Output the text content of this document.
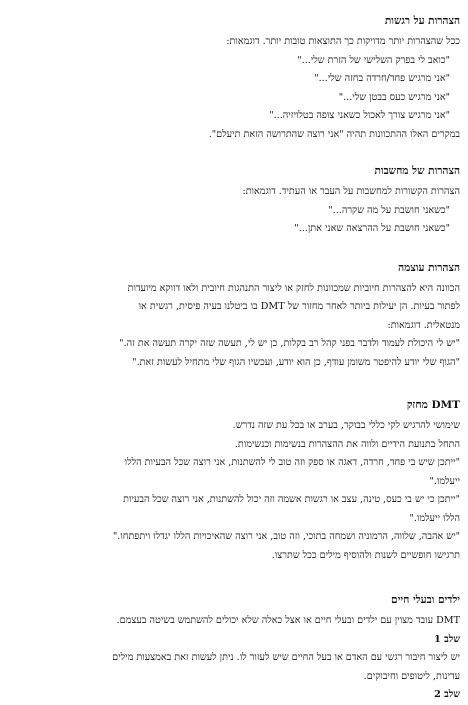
הצהרות על רגשות

ככל שהצהרות יותר מדויקות כך התוצאות טובות יותר. דוגמאות:

"כואב לי בפרק השלישי של הזרת שלי..."

"אני מרגיש פחד/חרדה בחזה שלי..."

"אני מרגיש כעס בבטן שלי..."

"אני מרגיש צורך לאכול כשאני צופה בטלויזיה..."

במקרים האלו ההתכוונות תהיה "אני רוצה שהתרושה הזאת תיעלם".

הצהרות של מחשבות

הצהרות הקשורות למחשבות על העבר או העתיד. דוגמאות:

"כשאני חושבת על מה שקרה..."

"כשאני חושבת על ההרצאה שאני אתן..."

הצהרות עוצמה

הכוונה היא להצהרות חיוביות שמכוונות לחזק או ליצור התנהגות חיובית ולאו דווקא מיועדות

לפתור בעיות. הן יעילות ביותר לאחר מחזור של DMT בו ביטלנו בעיה פיסית, רגשית או

מנטאלית. דוגמאות:

"יש לי היכולת לעמוד ולדבר בפני קהל רב בקלות, כן יש לי, תעשה שזה יקרה תעשה את זה."

"הגוף שלי יודע להיפטר משומן עודף, כן הוא יודע, ועכשיו הגוף שלי מתחיל לעשות זאת."

DMT מחזק

שימושי להרגיש לקי כללי בבוקר, בערב או בכל עת שזה נדרש.

התחל בתנועת הידיים ולווה את ההצהרות בנשימות וכנשימות.

"ייתכן שיש בי פחד, חרדה, דאגה או ספק וזה טוב לי להשתנות, אני רוצה שכל הבעיות הללו

ייעלמו."

"ייתכן כי יש בי כעס, טינה, עצב או רגשות אשמה וזה יכול להשתנות, אני רוצה שכל הבעיות

הללו ייעלמו."

"יש אהבה, שלווה, הרמוניה ושמחה בתוכי, וזה טוב, אני רוצה שהאיכויות הללו יגדלו ויתפתחו."

תרגישו חופשיים לשנות ולהוסיף מילים ככל שתרצו.

ילדים ובעלי חיים

DMT עובד מצוין עם ילדים ובעלי חיים או אצל כאלה שלא יכולים להשתמש בשיטה בעצמם.

שלב 1

יש ליצור חיבור רגשי עם האדם או בעל החיים שיש לעזור לו. ניתן לעשות זאת באמצעות מילים

עדינות, ליטופים וחיבוקים.

שלב 2
